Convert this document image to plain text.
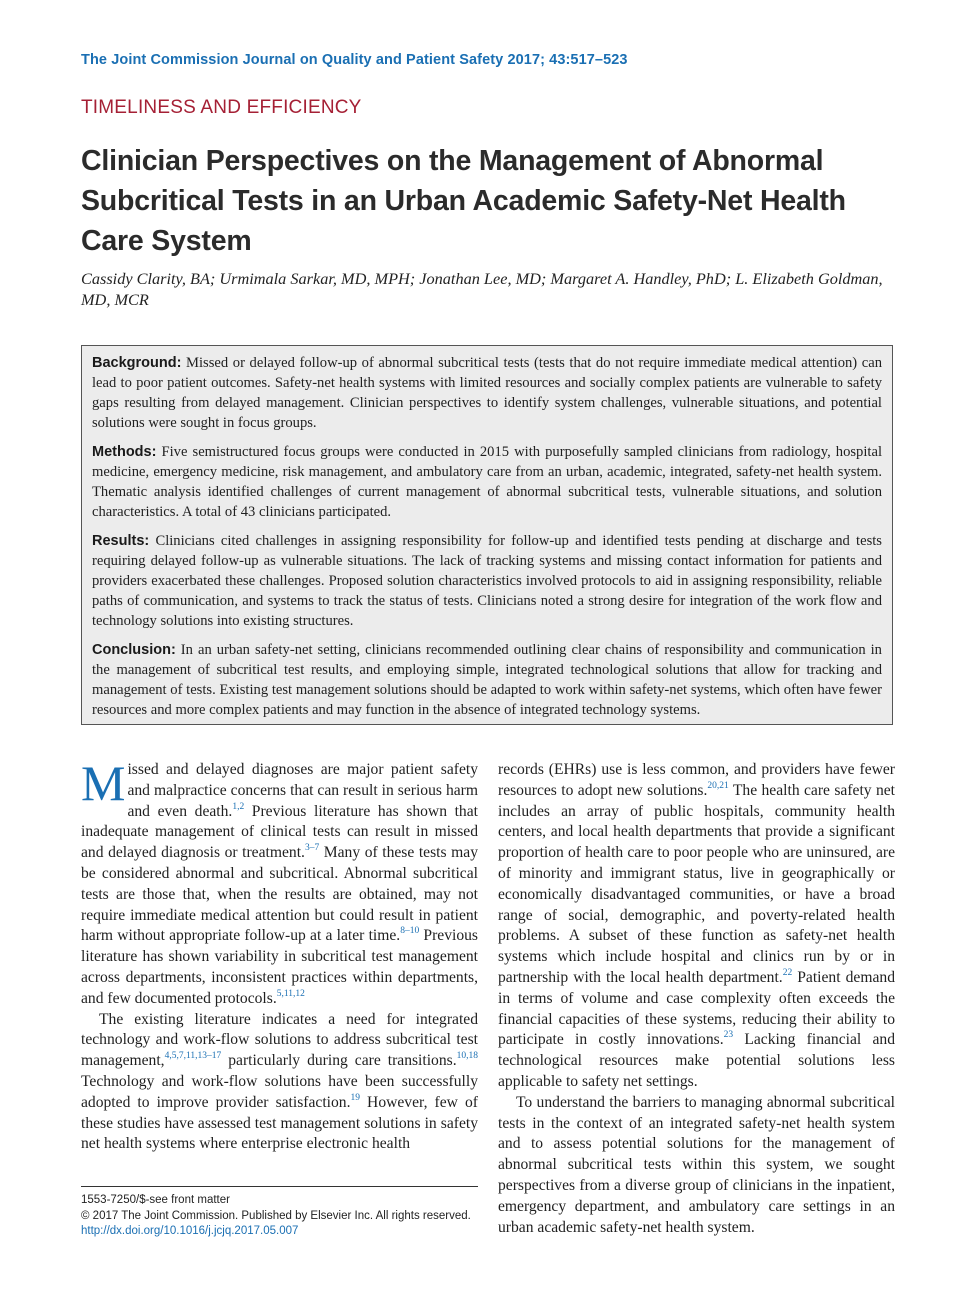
The Joint Commission Journal on Quality and Patient Safety 2017; 43:517–523
TIMELINESS AND EFFICIENCY
Clinician Perspectives on the Management of Abnormal Subcritical Tests in an Urban Academic Safety-Net Health Care System
Cassidy Clarity, BA; Urmimala Sarkar, MD, MPH; Jonathan Lee, MD; Margaret A. Handley, PhD; L. Elizabeth Goldman, MD, MCR

Background: Missed or delayed follow-up of abnormal subcritical tests (tests that do not require immediate medical attention) can lead to poor patient outcomes. Safety-net health systems with limited resources and socially complex patients are vulnerable to safety gaps resulting from delayed management. Clinician perspectives to identify system challenges, vulnerable situations, and potential solutions were sought in focus groups.

Methods: Five semistructured focus groups were conducted in 2015 with purposefully sampled clinicians from radiology, hospital medicine, emergency medicine, risk management, and ambulatory care from an urban, academic, integrated, safety-net health system. Thematic analysis identified challenges of current management of abnormal subcritical tests, vulnerable situations, and solution characteristics. A total of 43 clinicians participated.

Results: Clinicians cited challenges in assigning responsibility for follow-up and identified tests pending at discharge and tests requiring delayed follow-up as vulnerable situations. The lack of tracking systems and missing contact information for patients and providers exacerbated these challenges. Proposed solution characteristics involved protocols to aid in assigning responsibility, reliable paths of communication, and systems to track the status of tests. Clinicians noted a strong desire for integration of the work flow and technology solutions into existing structures.

Conclusion: In an urban safety-net setting, clinicians recommended outlining clear chains of responsibility and communication in the management of subcritical test results, and employing simple, integrated technological solutions that allow for tracking and management of tests. Existing test management solutions should be adapted to work within safety-net systems, which often have fewer resources and more complex patients and may function in the absence of integrated technology systems.

Missed and delayed diagnoses are major patient safety and malpractice concerns that can result in serious harm and even death.$^{1,2}$ Previous literature has shown that inadequate management of clinical tests can result in missed and delayed diagnosis or treatment.$^{3-7}$ Many of these tests may be considered abnormal and subcritical. Abnormal subcritical tests are those that, when the results are obtained, may not require immediate medical attention but could result in patient harm without appropriate follow-up at a later time.$^{8-10}$ Previous literature has shown variability in subcritical test management across departments, inconsistent practices within departments, and few documented protocols.$^{5,11,12}$

The existing literature indicates a need for integrated technology and work-flow solutions to address subcritical test management,$^{4,5,7,11,13-17}$ particularly during care transitions.$^{10,18}$ Technology and work-flow solutions have been successfully adopted to improve provider satisfaction.$^{19}$ However, few of these studies have assessed test management solutions in safety net health systems where enterprise electronic health

records (EHRs) use is less common, and providers have fewer resources to adopt new solutions.$^{20,21}$ The health care safety net includes an array of public hospitals, community health centers, and local health departments that provide a significant proportion of health care to poor people who are uninsured, are of minority and immigrant status, live in geographically or economically disadvantaged communities, or have a broad range of social, demographic, and poverty-related health problems. A subset of these function as safety-net health systems which include hospital and clinics run by or in partnership with the local health department.$^{22}$ Patient demand in terms of volume and case complexity often exceeds the financial capacities of these systems, reducing their ability to participate in costly innovations.$^{23}$ Lacking financial and technological resources make potential solutions less applicable to safety net settings.

To understand the barriers to managing abnormal subcritical tests in the context of an integrated safety-net health system and to assess potential solutions for the management of abnormal subcritical tests within this system, we sought perspectives from a diverse group of clinicians in the inpatient, emergency department, and ambulatory care settings in an urban academic safety-net health system.

1553-7250/$-see front matter
© 2017 The Joint Commission. Published by Elsevier Inc. All rights reserved.
http://dx.doi.org/10.1016/j.jcjq.2017.05.007
